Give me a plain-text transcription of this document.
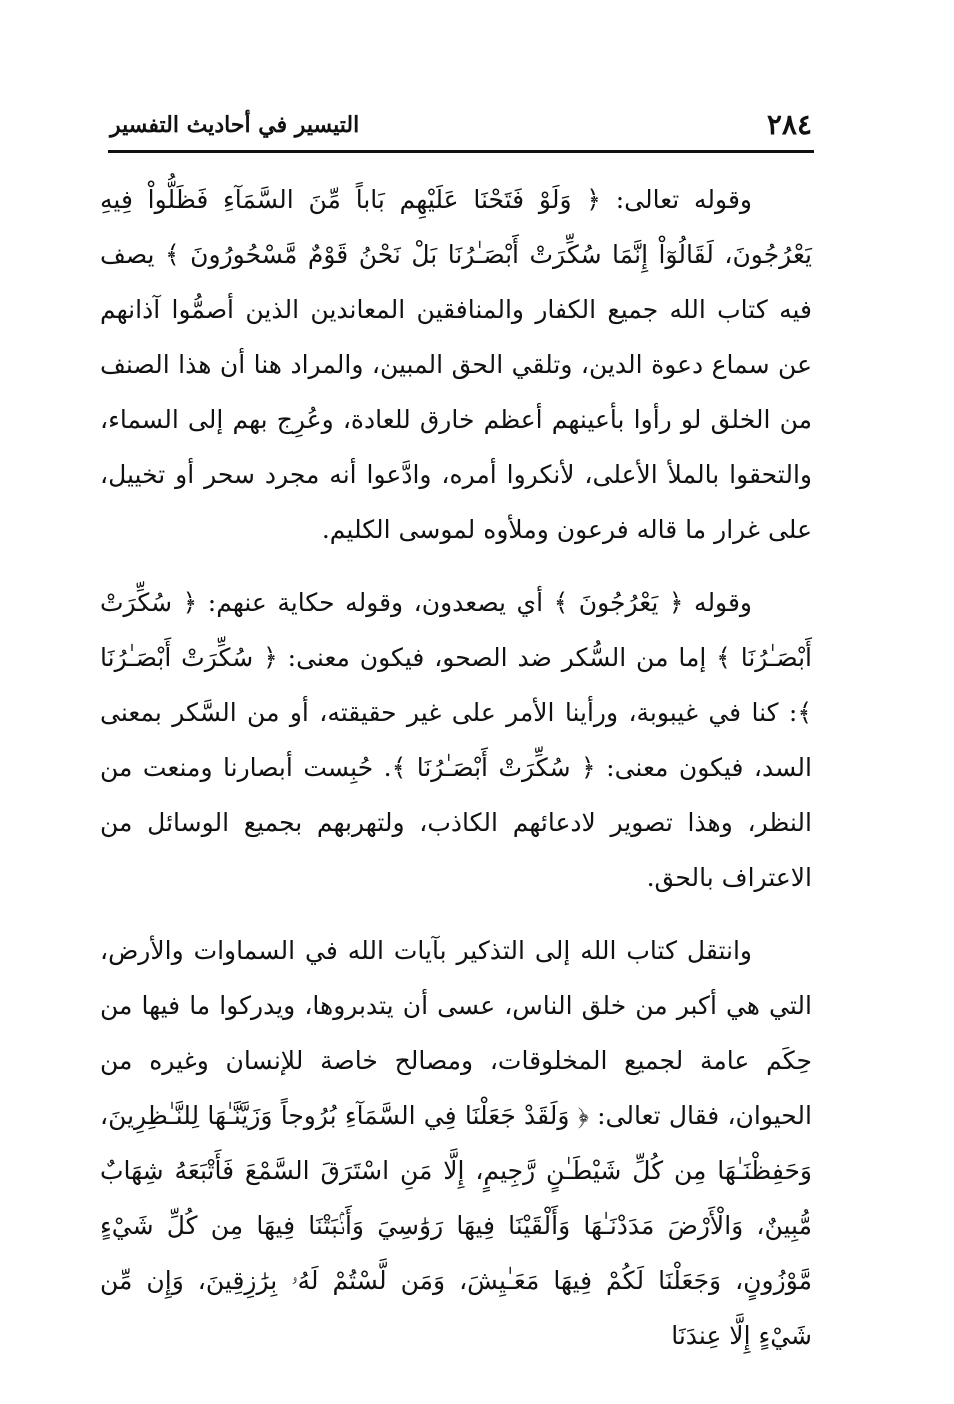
٢٨٤
التيسير في أحاديث التفسير

وقوله تعالى: ﴿ وَلَوْ فَتَحْنَا عَلَيْهِم بَاباً مِّنَ السَّمَآءِ فَظَلُّواْ فِيهِ يَعْرُجُونَ، لَقَالُوٓاْ إِنَّمَا سُكِّرَتْ أَبْصَـٰرُنَا بَلْ نَحْنُ قَوْمٌ مَّسْحُورُونَ ﴾ يصف فيه كتاب الله جميع الكفار والمنافقين المعاندين الذين أصمُّوا آذانهم عن سماع دعوة الدين، وتلقي الحق المبين، والمراد هنا أن هذا الصنف من الخلق لو رأوا بأعينهم أعظم خارق للعادة، وعُرِج بهم إلى السماء، والتحقوا بالملأ الأعلى، لأنكروا أمره، وادَّعوا أنه مجرد سحر أو تخييل، على غرار ما قاله فرعون وملأوه لموسى الكليم.

وقوله ﴿ يَعْرُجُونَ ﴾ أي يصعدون، وقوله حكاية عنهم: ﴿ سُكِّرَتْ أَبْصَـٰرُنَا ﴾ إما من السُّكر ضد الصحو، فيكون معنى: ﴿ سُكِّرَتْ أَبْصَـٰرُنَا ﴾: كنا في غيبوبة، ورأينا الأمر على غير حقيقته، أو من السَّكر بمعنى السد، فيكون معنى: ﴿ سُكِّرَتْ أَبْصَـٰرُنَا ﴾. حُبِست أبصارنا ومنعت من النظر، وهذا تصوير لادعائهم الكاذب، ولتهربهم بجميع الوسائل من الاعتراف بالحق.

وانتقل كتاب الله إلى التذكير بآيات الله في السماوات والأرض، التي هي أكبر من خلق الناس، عسى أن يتدبروها، ويدركوا ما فيها من حِكَم عامة لجميع المخلوقات، ومصالح خاصة للإنسان وغيره من الحيوان، فقال تعالى: ﴿ وَلَقَدْ جَعَلْنَا فِي السَّمَآءِ بُرُوجاً وَزَيَّنَّـٰهَا لِلنَّـٰظِرِينَ، وَحَفِظْنَـٰهَا مِن كُلِّ شَيْطَـٰنٍ رَّجِيمٍ، إِلَّا مَنِ اسْتَرَقَ السَّمْعَ فَأَتْبَعَهُ شِهَابٌ مُّبِينٌ، وَالْأَرْضَ مَدَدْنَـٰهَا وَأَلْقَيْنَا فِيهَا رَوَٰسِيَ وَأَنۢبَتْنَا فِيهَا مِن كُلِّ شَيْءٍ مَّوْزُونٍ، وَجَعَلْنَا لَكُمْ فِيهَا مَعَـٰيِشَ، وَمَن لَّسْتُمْ لَهُۥ بِرَٰزِقِينَ، وَإِن مِّن شَيْءٍ إِلَّا عِندَنَا
